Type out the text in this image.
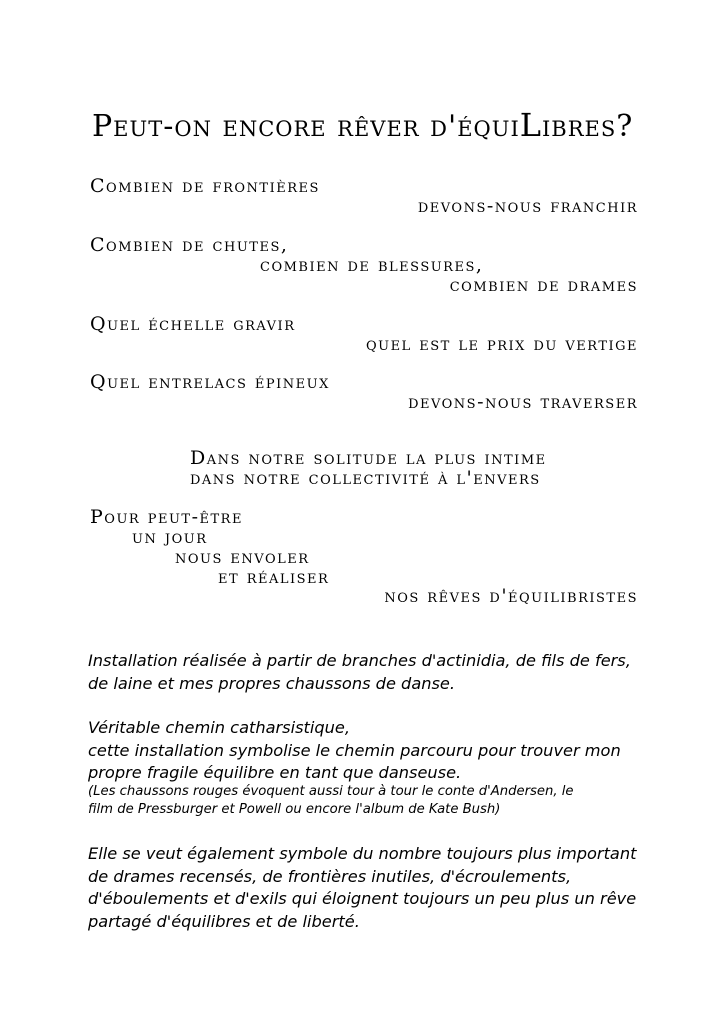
Peut-on encore rêver d'équiLibres?
Combien de frontières
devons-nous franchir
Combien de chutes,
combien de blessures,
combien de drames
Quel échelle gravir
quel est le prix du vertige
Quel entrelacs épineux
devons-nous traverser
Dans notre solitude la plus intime
dans notre collectivité à l'envers
Pour peut-être
un jour
nous envoler
et réaliser
nos rêves d'équilibristes
Installation réalisée à partir de branches d'actinidia, de fils de fers,
de laine et mes propres chaussons de danse.
Véritable chemin catharsistique,
cette installation symbolise le chemin parcouru pour trouver mon
propre fragile équilibre en tant que danseuse.
(Les chaussons rouges évoquent aussi tour à tour le conte d'Andersen, le
film de Pressburger et Powell ou encore l'album de Kate Bush)
Elle se veut également symbole du nombre toujours plus important
de drames recensés, de frontières inutiles, d'écroulements,
d'éboulements et d'exils qui éloignent toujours un peu plus un rêve
partagé d'équilibres et de liberté.
